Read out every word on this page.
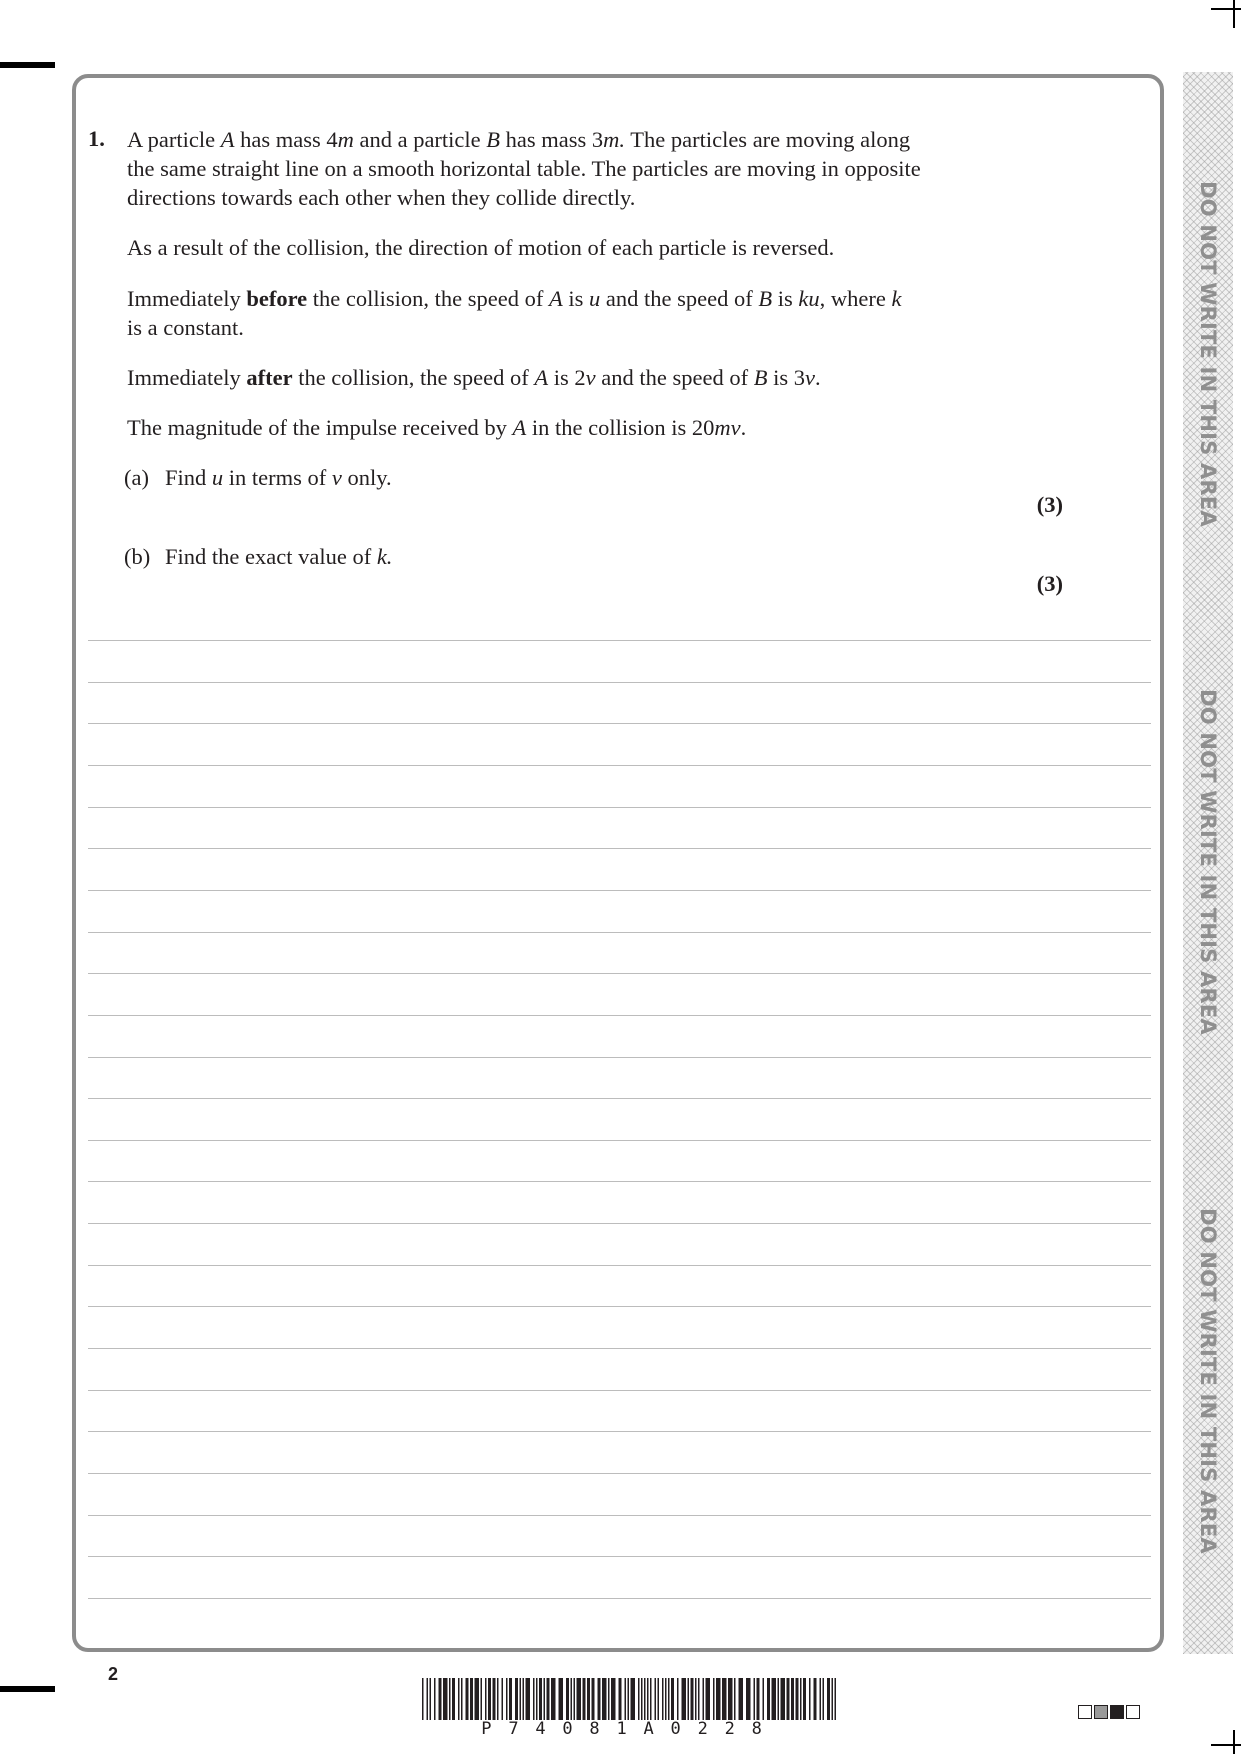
DO NOT WRITE IN THIS AREA
DO NOT WRITE IN THIS AREA
DO NOT WRITE IN THIS AREA
1. A particle A has mass 4m and a particle B has mass 3m. The particles are moving along
the same straight line on a smooth horizontal table. The particles are moving in opposite
directions towards each other when they collide directly.
As a result of the collision, the direction of motion of each particle is reversed.
Immediately before the collision, the speed of A is u and the speed of B is ku, where k
is a constant.
Immediately after the collision, the speed of A is 2v and the speed of B is 3v.
The magnitude of the impulse received by A in the collision is 20mv.
(a) Find u in terms of v only.
(3)
(b) Find the exact value of k.
(3)
2
P74081A0228
